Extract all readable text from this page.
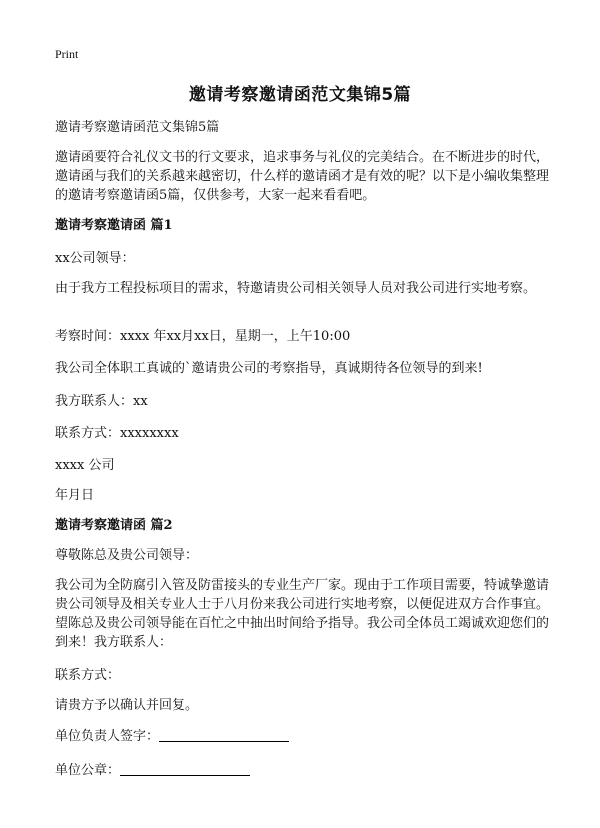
Print
邀请考察邀请函范文集锦5篇
邀请考察邀请函范文集锦5篇
邀请函要符合礼仪文书的行文要求，追求事务与礼仪的完美结合。在不断进步的时代，邀请函与我们的关系越来越密切，什么样的邀请函才是有效的呢？以下是小编收集整理的邀请考察邀请函5篇，仅供参考，大家一起来看看吧。
邀请考察邀请函 篇1
xx公司领导：
由于我方工程投标项目的需求，特邀请贵公司相关领导人员对我公司进行实地考察。
考察时间：xxxx 年xx月xx日，星期一，上午10:00
我公司全体职工真诚的`邀请贵公司的考察指导，真诚期待各位领导的到来!
我方联系人：xx
联系方式：xxxxxxxx
xxxx 公司
年月日
邀请考察邀请函 篇2
尊敬陈总及贵公司领导：
我公司为全防腐引入管及防雷接头的专业生产厂家。现由于工作项目需要，特诚挚邀请贵公司领导及相关专业人士于八月份来我公司进行实地考察，以便促进双方合作事宜。望陈总及贵公司领导能在百忙之中抽出时间给予指导。我公司全体员工竭诚欢迎您们的到来！我方联系人：
联系方式：
请贵方予以确认并回复。
单位负责人签字：
单位公章：
